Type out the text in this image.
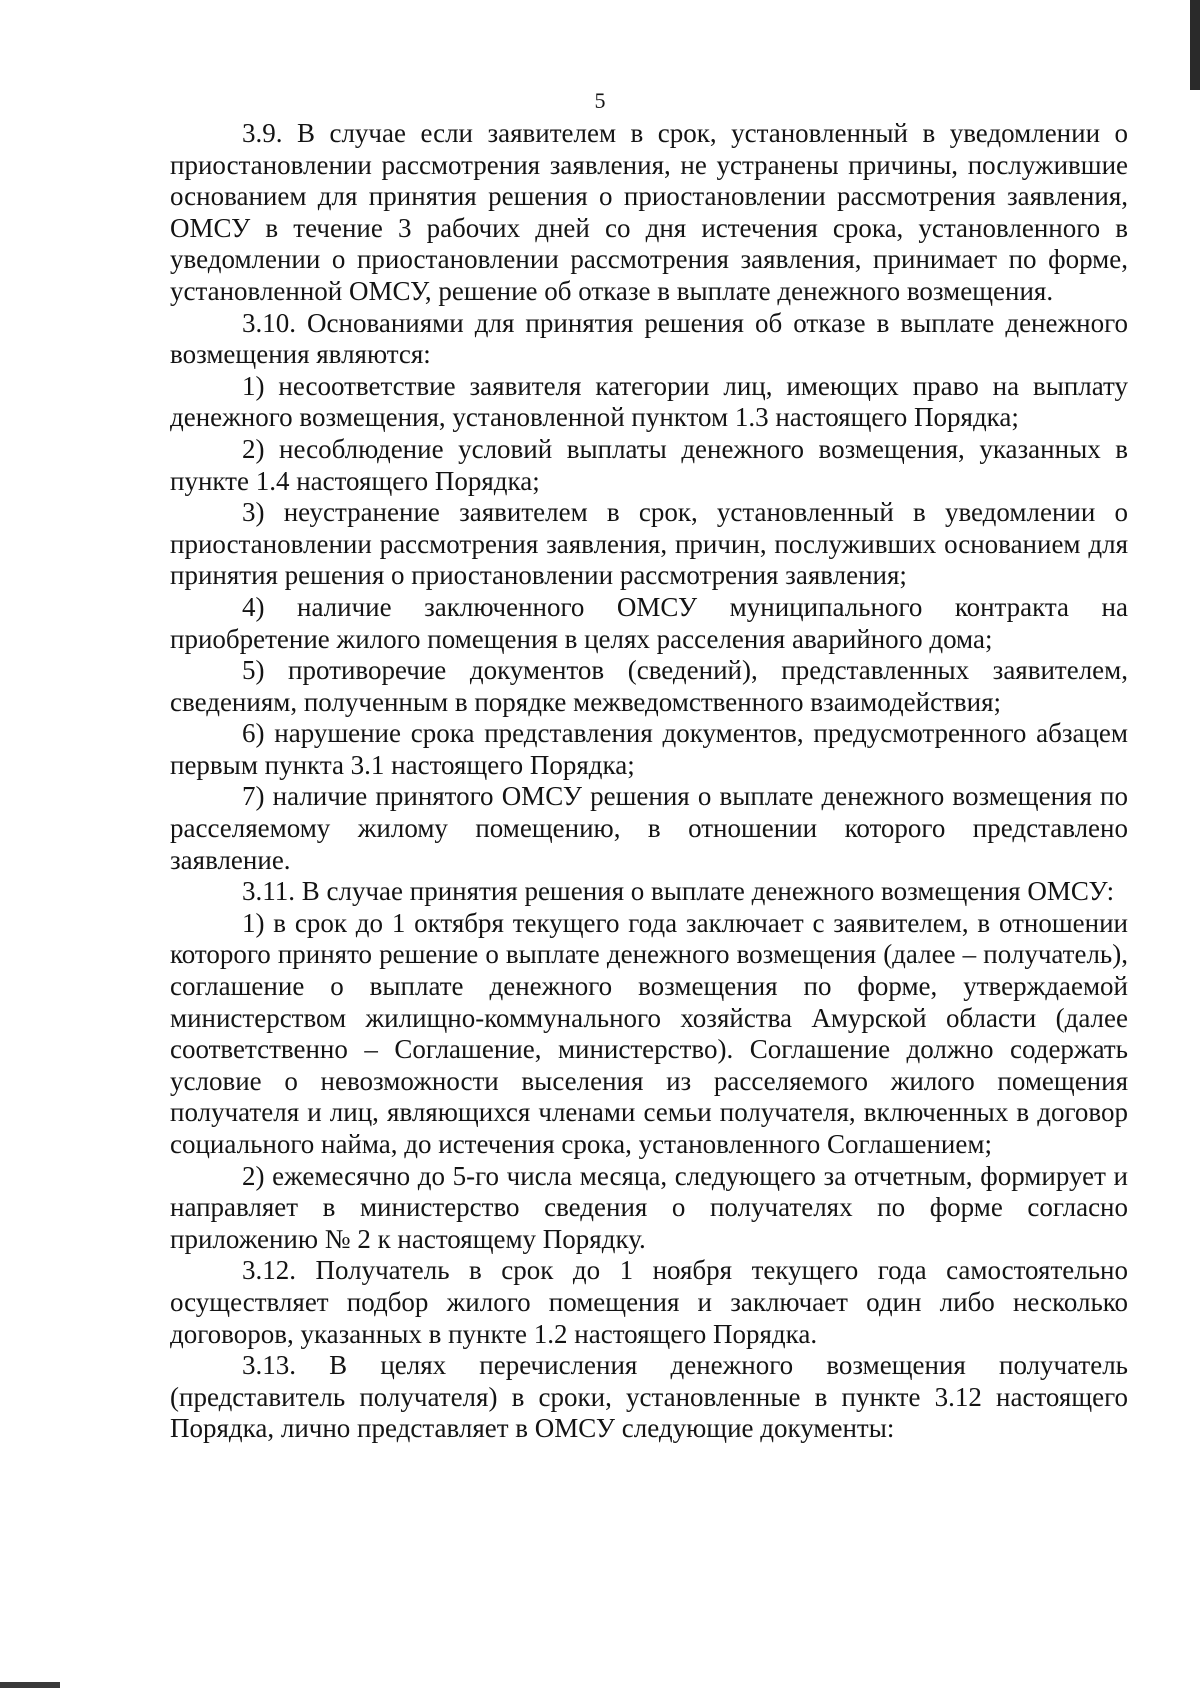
5

3.9. В случае если заявителем в срок, установленный в уведомлении о приостановлении рассмотрения заявления, не устранены причины, послужившие основанием для принятия решения о приостановлении рассмотрения заявления, ОМСУ в течение 3 рабочих дней со дня истечения срока, установленного в уведомлении о приостановлении рассмотрения заявления, принимает по форме, установленной ОМСУ, решение об отказе в выплате денежного возмещения.

3.10. Основаниями для принятия решения об отказе в выплате денежного возмещения являются:

1) несоответствие заявителя категории лиц, имеющих право на выплату денежного возмещения, установленной пунктом 1.3 настоящего Порядка;

2) несоблюдение условий выплаты денежного возмещения, указанных в пункте 1.4 настоящего Порядка;

3) неустранение заявителем в срок, установленный в уведомлении о приостановлении рассмотрения заявления, причин, послуживших основанием для принятия решения о приостановлении рассмотрения заявления;

4) наличие заключенного ОМСУ муниципального контракта на приобретение жилого помещения в целях расселения аварийного дома;

5) противоречие документов (сведений), представленных заявителем, сведениям, полученным в порядке межведомственного взаимодействия;

6) нарушение срока представления документов, предусмотренного абзацем первым пункта 3.1 настоящего Порядка;

7) наличие принятого ОМСУ решения о выплате денежного возмещения по расселяемому жилому помещению, в отношении которого представлено заявление.

3.11. В случае принятия решения о выплате денежного возмещения ОМСУ:

1) в срок до 1 октября текущего года заключает с заявителем, в отношении которого принято решение о выплате денежного возмещения (далее – получатель), соглашение о выплате денежного возмещения по форме, утверждаемой министерством жилищно-коммунального хозяйства Амурской области (далее соответственно – Соглашение, министерство). Соглашение должно содержать условие о невозможности выселения из расселяемого жилого помещения получателя и лиц, являющихся членами семьи получателя, включенных в договор социального найма, до истечения срока, установленного Соглашением;

2) ежемесячно до 5-го числа месяца, следующего за отчетным, формирует и направляет в министерство сведения о получателях по форме согласно приложению № 2 к настоящему Порядку.

3.12. Получатель в срок до 1 ноября текущего года самостоятельно осуществляет подбор жилого помещения и заключает один либо несколько договоров, указанных в пункте 1.2 настоящего Порядка.

3.13. В целях перечисления денежного возмещения получатель (представитель получателя) в сроки, установленные в пункте 3.12 настоящего Порядка, лично представляет в ОМСУ следующие документы:
